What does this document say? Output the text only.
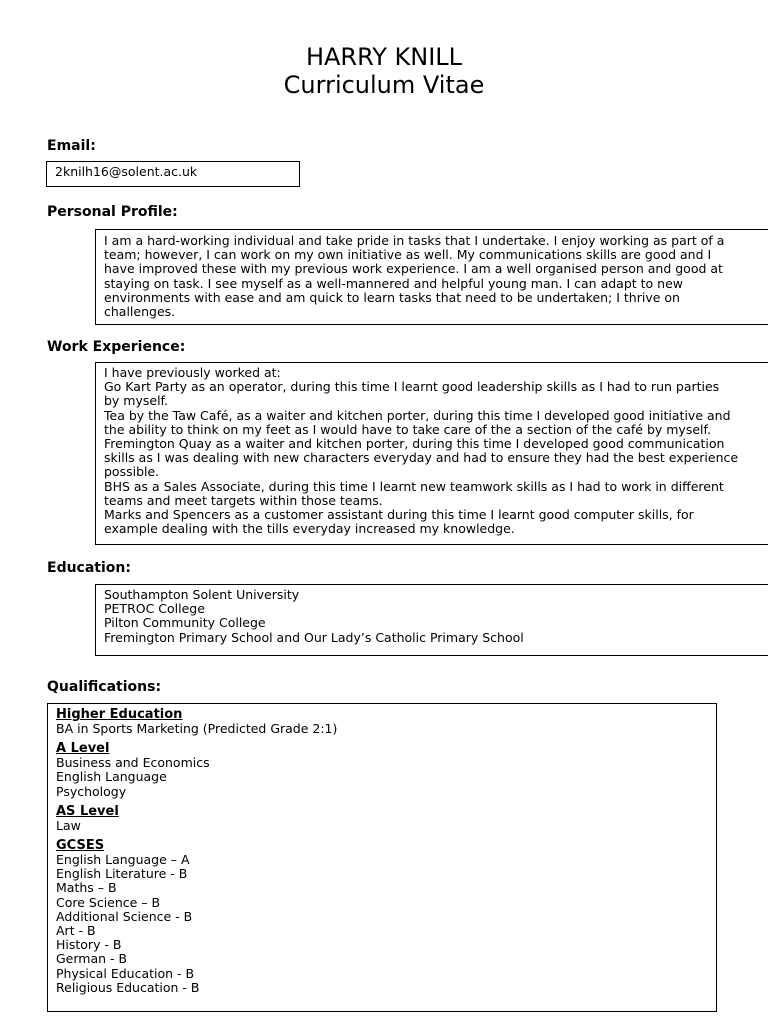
HARRY KNILL
Curriculum Vitae
Email:
2knilh16@solent.ac.uk
Personal Profile:
I am a hard-working individual and take pride in tasks that I undertake. I enjoy working as part of a
team; however, I can work on my own initiative as well. My communications skills are good and I
have improved these with my previous work experience. I am a well organised person and good at
staying on task. I see myself as a well-mannered and helpful young man. I can adapt to new
environments with ease and am quick to learn tasks that need to be undertaken; I thrive on
challenges.
Work Experience:
I have previously worked at:
Go Kart Party as an operator, during this time I learnt good leadership skills as I had to run parties
by myself.
Tea by the Taw Café, as a waiter and kitchen porter, during this time I developed good initiative and
the ability to think on my feet as I would have to take care of the a section of the café by myself.
Fremington Quay as a waiter and kitchen porter, during this time I developed good communication
skills as I was dealing with new characters everyday and had to ensure they had the best experience
possible.
BHS as a Sales Associate, during this time I learnt new teamwork skills as I had to work in different
teams and meet targets within those teams.
Marks and Spencers as a customer assistant during this time I learnt good computer skills, for
example dealing with the tills everyday increased my knowledge.
Education:
Southampton Solent University
PETROC College
Pilton Community College
Fremington Primary School and Our Lady’s Catholic Primary School
Qualifications:
Higher Education
BA in Sports Marketing (Predicted Grade 2:1)
A Level
Business and Economics
English Language
Psychology
AS Level
Law
GCSES
English Language – A
English Literature - B
Maths – B
Core Science – B
Additional Science - B
Art - B
History - B
German - B
Physical Education - B
Religious Education - B
